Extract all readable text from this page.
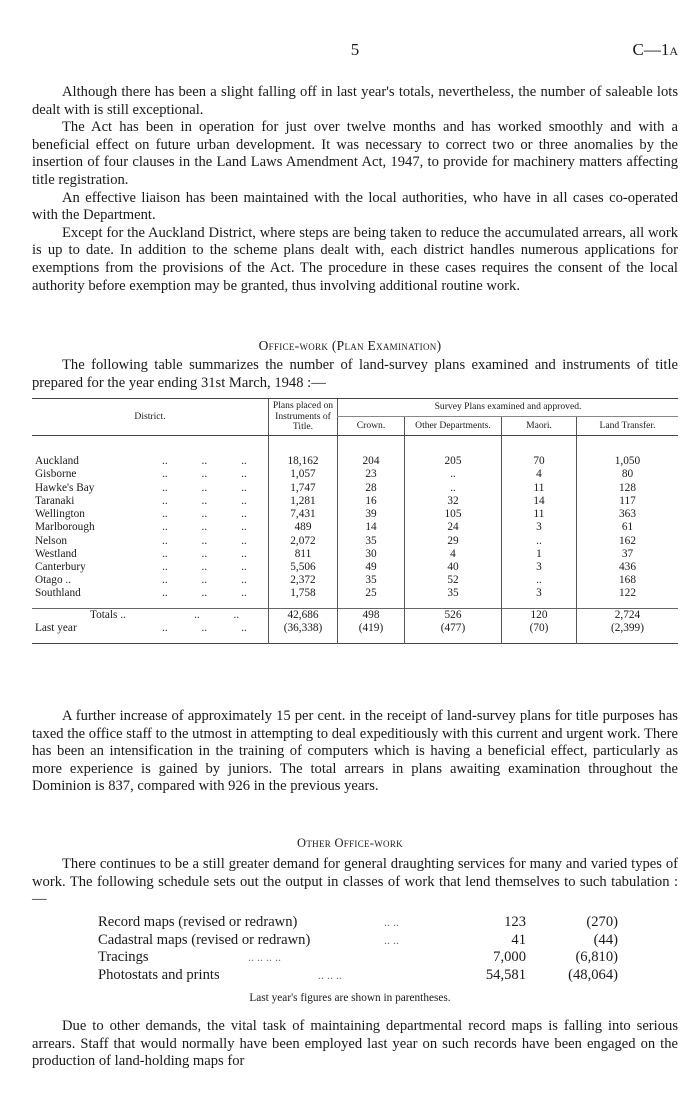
5	C—1A

Although there has been a slight falling off in last year's totals, nevertheless, the number of saleable lots dealt with is still exceptional.

The Act has been in operation for just over twelve months and has worked smoothly and with a beneficial effect on future urban development. It was necessary to correct two or three anomalies by the insertion of four clauses in the Land Laws Amendment Act, 1947, to provide for machinery matters affecting title registration.

An effective liaison has been maintained with the local authorities, who have in all cases co-operated with the Department.

Except for the Auckland District, where steps are being taken to reduce the accumulated arrears, all work is up to date. In addition to the scheme plans dealt with, each district handles numerous applications for exemptions from the provisions of the Act. The procedure in these cases requires the consent of the local authority before exemption may be granted, thus involving additional routine work.

Office-work (Plan Examination)

The following table summarizes the number of land-survey plans examined and instruments of title prepared for the year ending 31st March, 1948 :—

District.	Plans placed on Instruments of Title.	Survey Plans examined and approved.			
		Crown.	Other Departments.	Maori.	Land Transfer.

Auckland ..            ..            ..	18,162	204	205	70	1,050
Gisborne ..            ..            ..	1,057	23	..	4	80
Hawke's Bay ..            ..            ..	1,747	28	..	11	128
Taranaki ..            ..            ..	1,281	16	32	14	117
Wellington ..            ..            ..	7,431	39	105	11	363
Marlborough ..            ..            ..	489	14	24	3	61
Nelson ..            ..            ..	2,072	35	29	..	162
Westland ..            ..            ..	811	30	4	1	37
Canterbury ..            ..            ..	5,506	49	40	3	436
Otago .. ..            ..            ..	2,372	35	52	..	168
Southland ..            ..            ..	1,758	25	35	3	122

Totals .. ..            ..	42,686	498	526	120	2,724
Last year ..            ..            ..	(36,338)	(419)	(477)	(70)	(2,399)

A further increase of approximately 15 per cent. in the receipt of land-survey plans for title purposes has taxed the office staff to the utmost in attempting to deal expeditiously with this current and urgent work. There has been an intensification in the training of computers which is having a beneficial effect, particularly as more experience is gained by juniors. The total arrears in plans awaiting examination throughout the Dominion is 837, compared with 926 in the previous years.

Other Office-work

There continues to be a still greater demand for general draughting services for many and varied types of work. The following schedule sets out the output in classes of work that lend themselves to such tabulation :—

Record maps (revised or redrawn)	.. ..	123	(270)
Cadastral maps (revised or redrawn)	.. ..	41	(44)
Tracings	.. .. .. ..	7,000	(6,810)
Photostats and prints	.. .. ..	54,581	(48,064)
Last year's figures are shown in parentheses.

Due to other demands, the vital task of maintaining departmental record maps is falling into serious arrears. Staff that would normally have been employed last year on such records have been engaged on the production of land-holding maps for
